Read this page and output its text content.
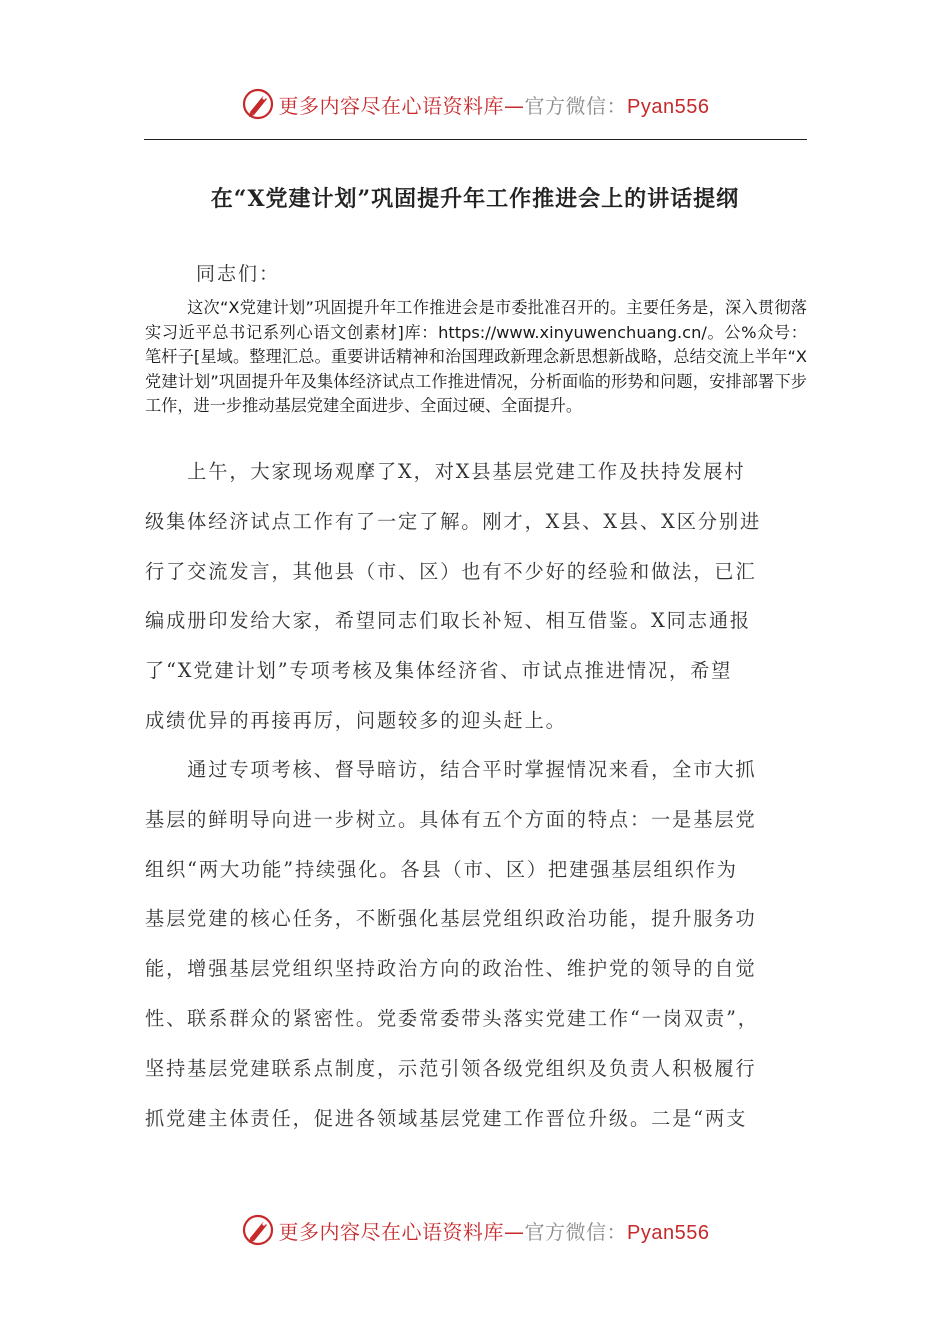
更多内容尽在心语资料库—官方微信：Pyan556
在“X党建计划”巩固提升年工作推进会上的讲话提纲
同志们：

这次“X党建计划”巩固提升年工作推进会是市委批准召开的。主要任务是，深入贯彻落实习近平总书记系列心语文创素材]库：https://www.xinyuwenchuang.cn/。公%众号：笔杆子[星域。整理汇总。重要讲话精神和治国理政新理念新思想新战略，总结交流上半年“X党建计划”巩固提升年及集体经济试点工作推进情况，分析面临的形势和问题，安排部署下步工作，进一步推动基层党建全面进步、全面过硬、全面提升。

　　上午，大家现场观摩了X，对X县基层党建工作及扶持发展村
级集体经济试点工作有了一定了解。刚才，X县、X县、X区分别进
行了交流发言，其他县（市、区）也有不少好的经验和做法，已汇
编成册印发给大家，希望同志们取长补短、相互借鉴。X同志通报
了“X党建计划”专项考核及集体经济省、市试点推进情况，希望
成绩优异的再接再厉，问题较多的迎头赶上。
　　通过专项考核、督导暗访，结合平时掌握情况来看，全市大抓
基层的鲜明导向进一步树立。具体有五个方面的特点：一是基层党
组织“两大功能”持续强化。各县（市、区）把建强基层组织作为
基层党建的核心任务，不断强化基层党组织政治功能，提升服务功
能，增强基层党组织坚持政治方向的政治性、维护党的领导的自觉
性、联系群众的紧密性。党委常委带头落实党建工作“一岗双责”，
坚持基层党建联系点制度，示范引领各级党组织及负责人积极履行
抓党建主体责任，促进各领域基层党建工作晋位升级。二是“两支
更多内容尽在心语资料库—官方微信：Pyan556
